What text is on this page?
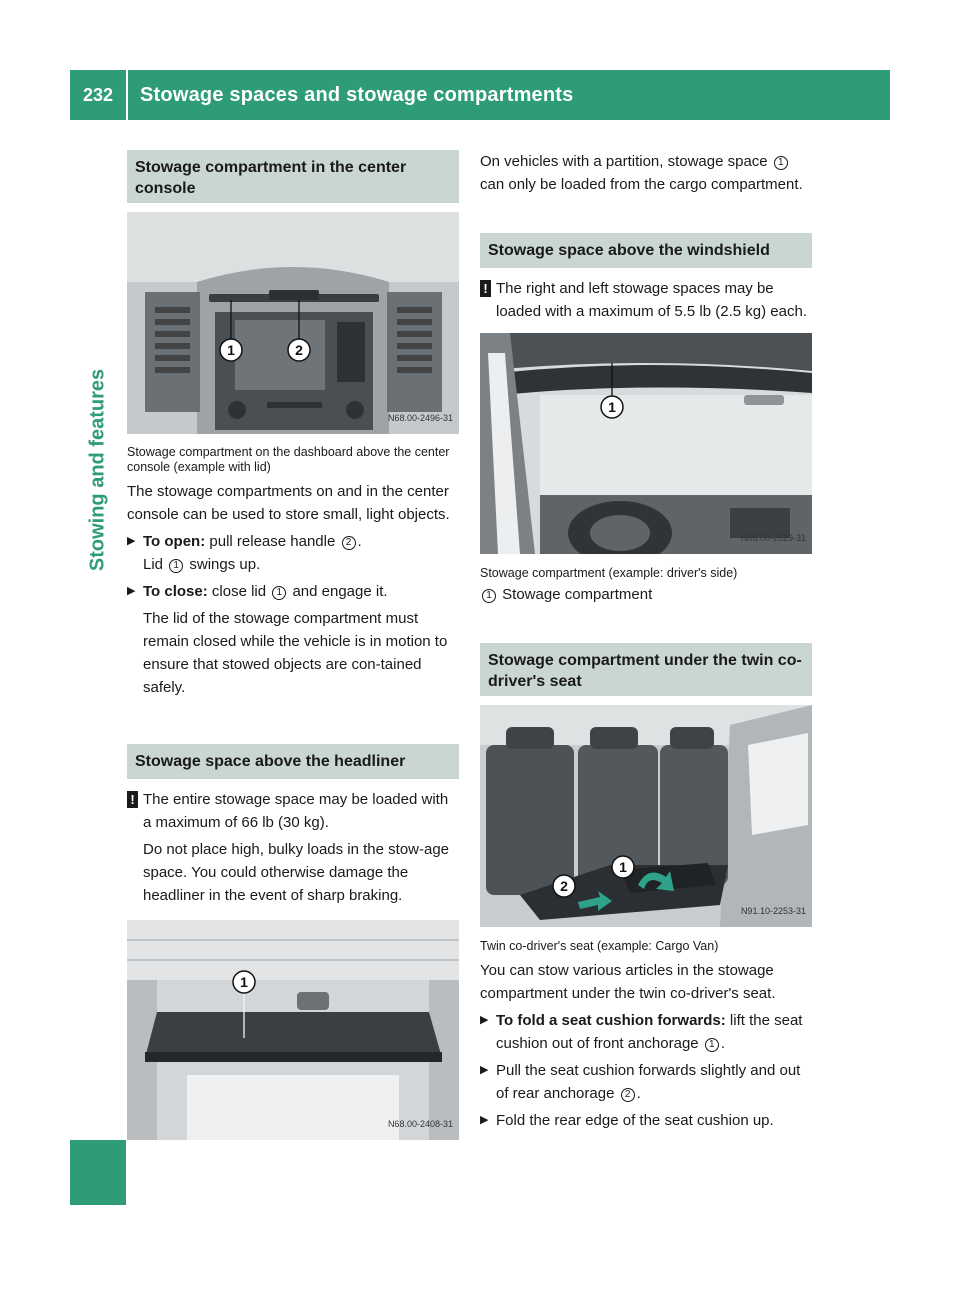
232	Stowage spaces and stowage compartments
Stowing and features
Stowage compartment in the center console
1	2
N68.00-2496-31

Stowage compartment on the dashboard above the center console (example with lid)

The stowage compartments on and in the center console can be used to store small, light objects.

▶ To open: pull release handle 2 .

Lid 1 swings up.

▶ To close: close lid 1 and engage it.

The lid of the stowage compartment must remain closed while the vehicle is in motion to ensure that stowed objects are con-tained safely.

Stowage space above the headliner

! The entire stowage space may be loaded with a maximum of 66 lb (30 kg).

Do not place high, bulky loads in the stow-age space. You could otherwise damage the headliner in the event of sharp braking.

1
N68.00-2408-31

On vehicles with a partition, stowage space 1 can only be loaded from the cargo compartment.

Stowage space above the windshield

! The right and left stowage spaces may be loaded with a maximum of 5.5 lb (2.5 kg) each.

1
N68.00-2629-31

Stowage compartment (example: driver's side)

1 Stowage compartment

Stowage compartment under the twin co-driver's seat
1
2
N91.10-2253-31

Twin co-driver's seat (example: Cargo Van)

You can stow various articles in the stowage compartment under the twin co-driver's seat.

▶ To fold a seat cushion forwards: lift the seat cushion out of front anchorage 1 .

▶ Pull the seat cushion forwards slightly and out of rear anchorage 2 .

▶ Fold the rear edge of the seat cushion up.
